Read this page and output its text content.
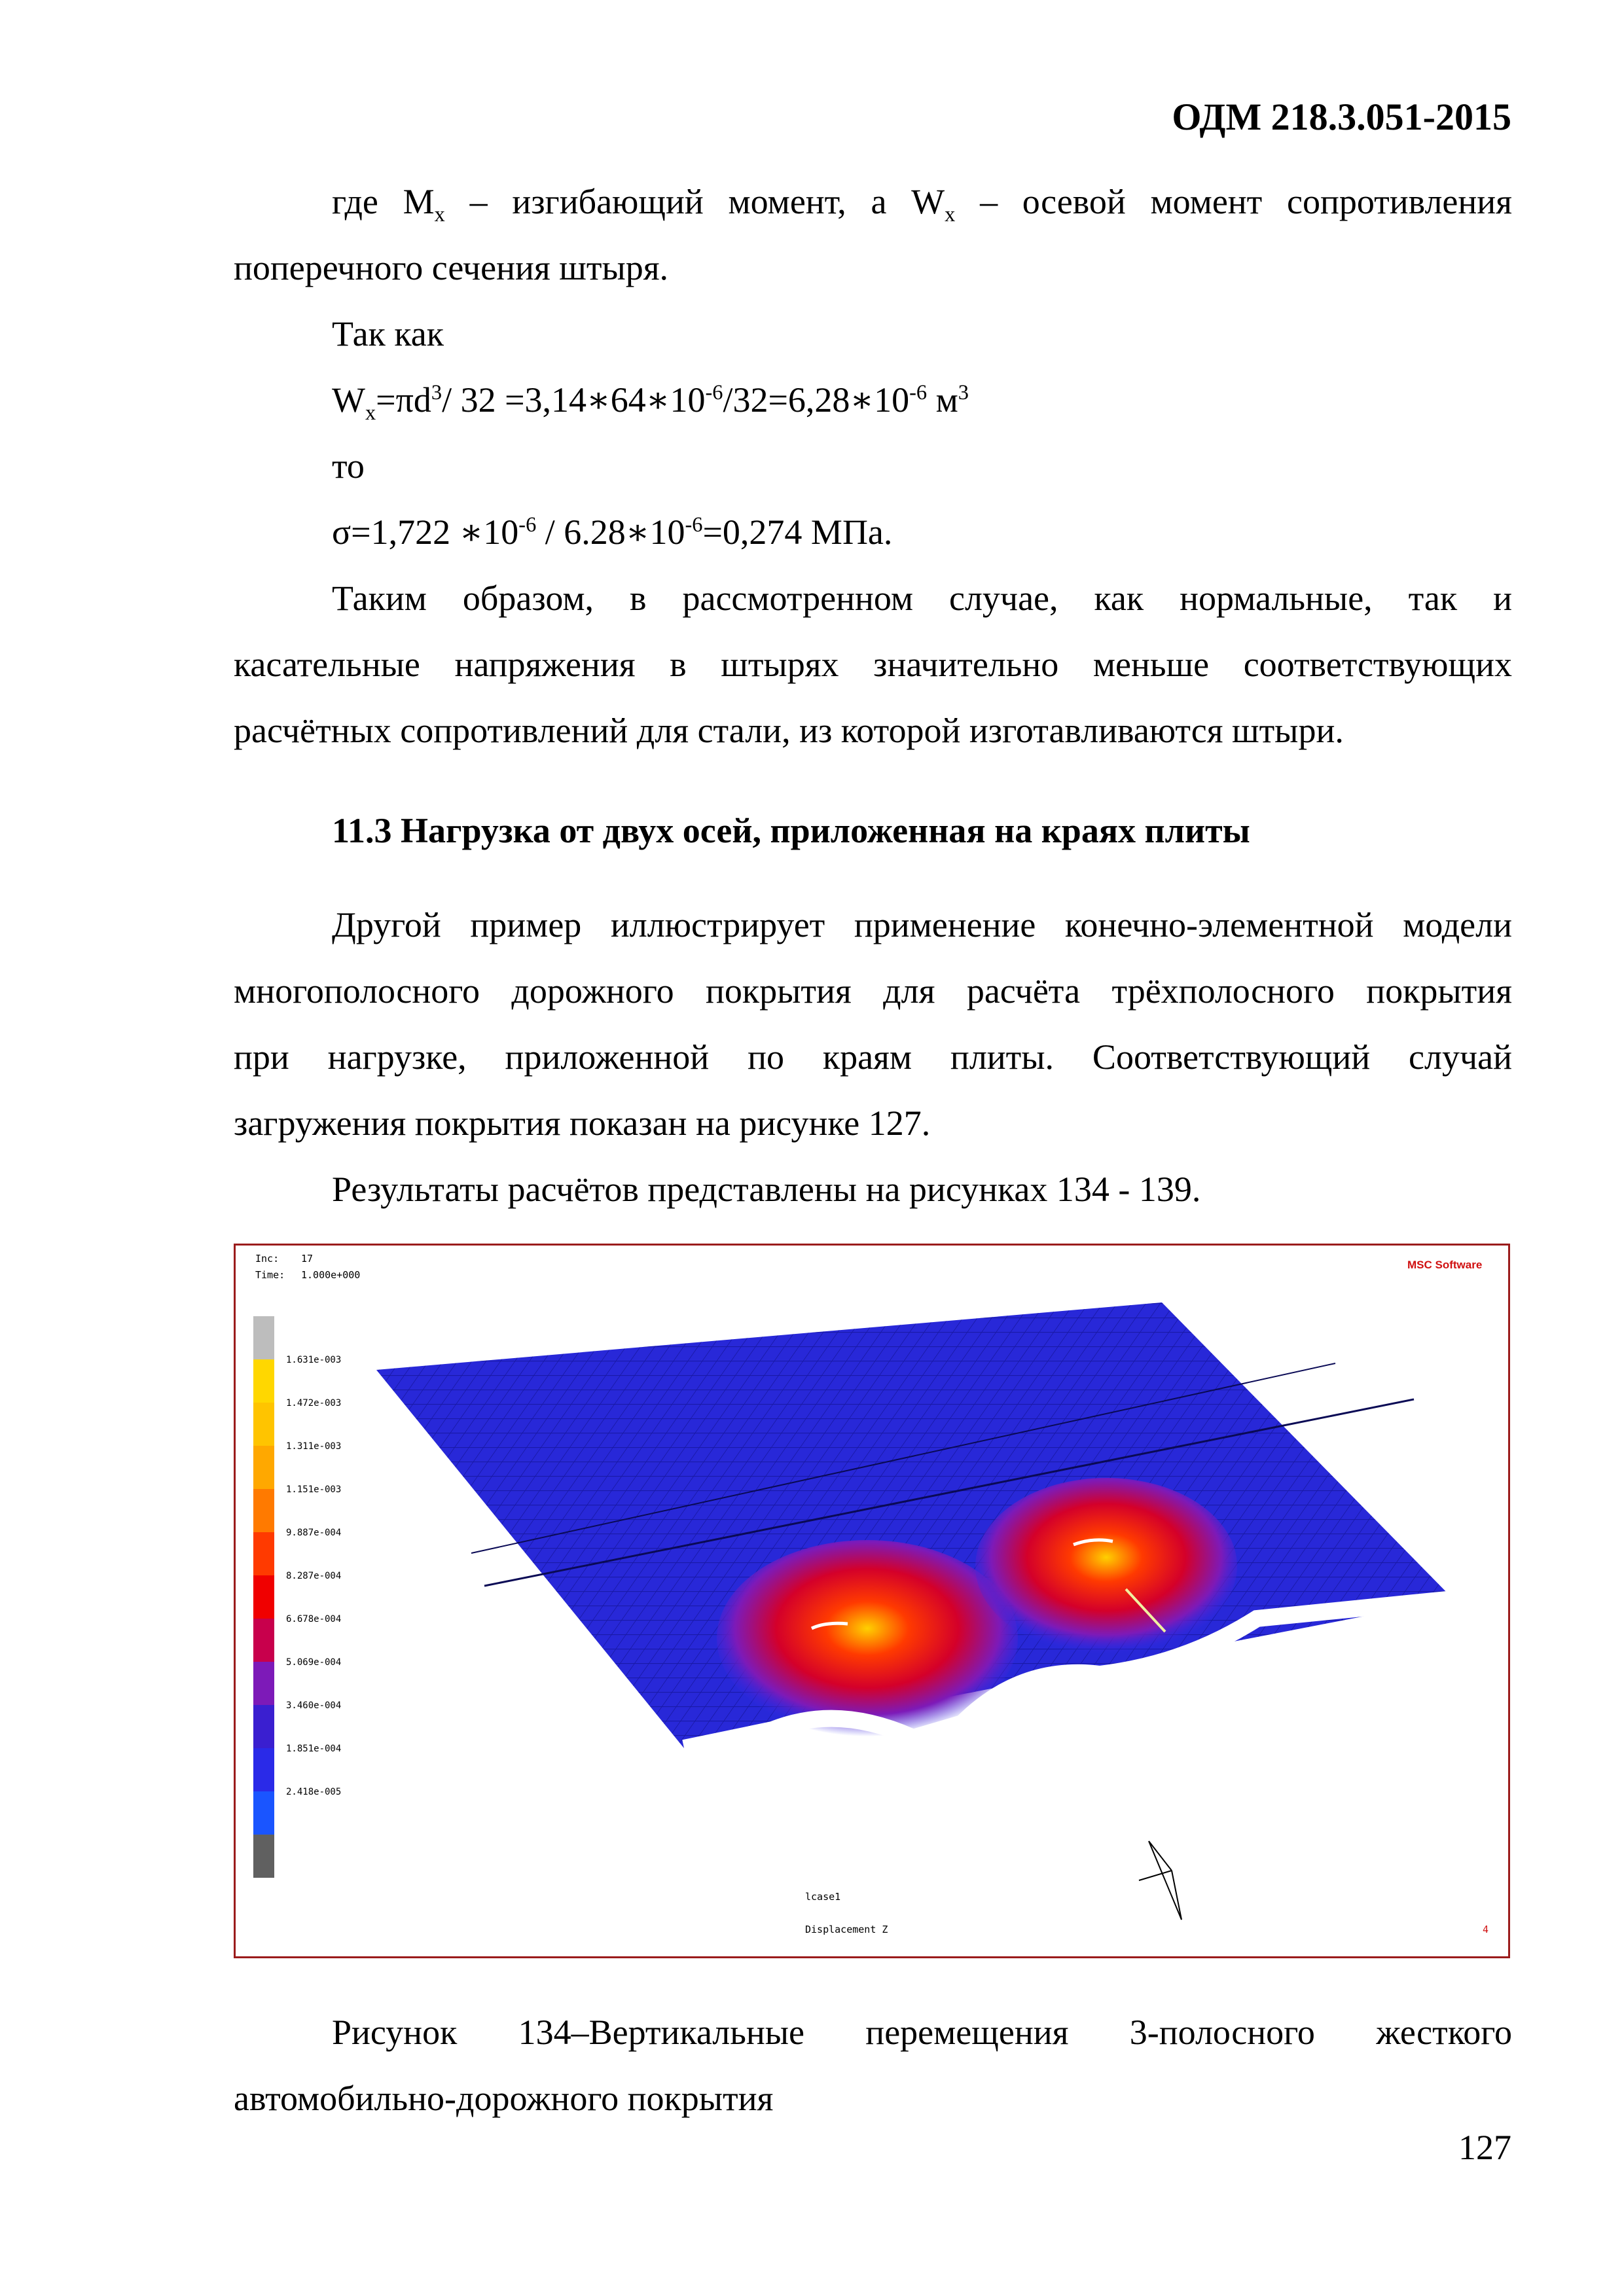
ОДМ 218.3.051-2015
где $М_x$ – изгибающий момент, а $W_x$ – осевой момент сопротивления
поперечного сечения штыря.
Так как
$W_x=\pi d^3/$ $32 =3,14∗64∗10^{-6}/32=6,28∗10^{-6}$ $м^3$
то
σ=1,722 $∗10^{-6}$ / $6.28∗10^{-6}=0,274$ МПа.
Таким образом, в рассмотренном случае, как нормальные, так и
касательные напряжения в штырях значительно меньше соответствующих
расчётных сопротивлений для стали, из которой изготавливаются штыри.
11.3 Нагрузка от двух осей, приложенная на краях плиты
Другой пример иллюстрирует применение конечно-элементной модели
многополосного дорожного покрытия для расчёта трёхполосного покрытия
при нагрузке, приложенной по краям плиты. Соответствующий случай
загружения покрытия показан на рисунке 127.
Результаты расчётов представлены на рисунках 134 - 139.
Inc: 17
Time: 1.000e+000
MSC Software
1.631e-003
1.472e-003
1.311e-003
1.151e-003
9.887e-004
8.287e-004
6.678e-004
5.069e-004
3.460e-004
1.851e-004
2.418e-005
lcase1
Displacement Z	4
Рисунок 134–Вертикальные перемещения 3-полосного жесткого
автомобильно-дорожного покрытия
127
